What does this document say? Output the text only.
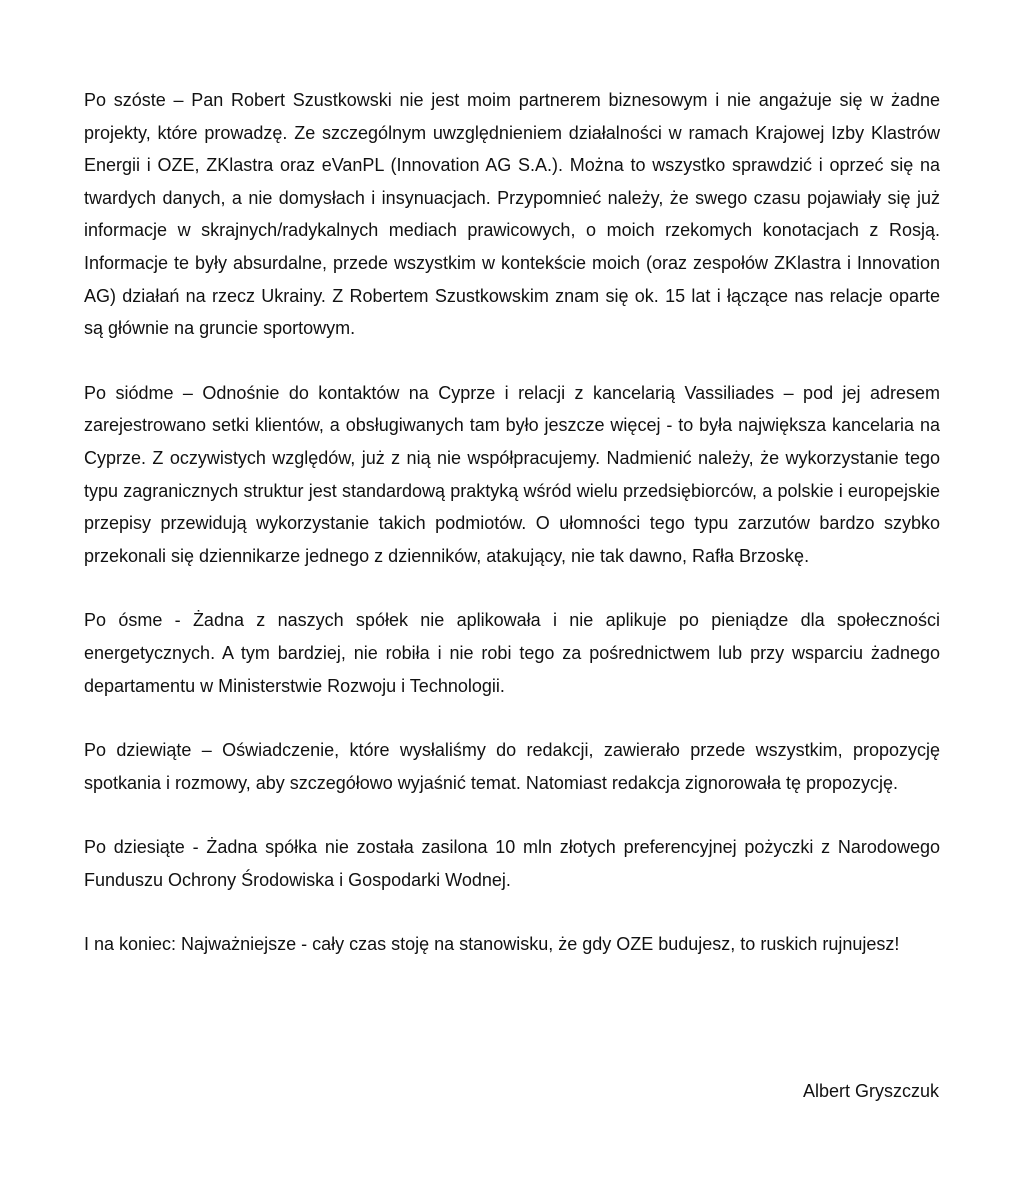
Po szóste – Pan Robert Szustkowski nie jest moim partnerem biznesowym i nie angażuje się w żadne projekty, które prowadzę. Ze szczególnym uwzględnieniem działalności w ramach Krajowej Izby Klastrów Energii i OZE, ZKlastra oraz eVanPL (Innovation AG S.A.). Można to wszystko sprawdzić i oprzeć się na twardych danych, a nie domysłach i insynuacjach. Przypomnieć należy, że swego czasu pojawiały się już informacje w skrajnych/radykalnych mediach prawicowych, o moich rzekomych konotacjach z Rosją. Informacje te były absurdalne, przede wszystkim w kontekście moich (oraz zespołów ZKlastra i Innovation AG) działań na rzecz Ukrainy. Z Robertem Szustkowskim znam się ok. 15 lat i łączące nas relacje oparte są głównie na gruncie sportowym.

Po siódme – Odnośnie do kontaktów na Cyprze i relacji z kancelarią Vassiliades – pod jej adresem zarejestrowano setki klientów, a obsługiwanych tam było jeszcze więcej - to była największa kancelaria na Cyprze. Z oczywistych względów, już z nią nie współpracujemy. Nadmienić należy, że wykorzystanie tego typu zagranicznych struktur jest standardową praktyką wśród wielu przedsiębiorców, a polskie i europejskie przepisy przewidują wykorzystanie takich podmiotów. O ułomności tego typu zarzutów bardzo szybko przekonali się dziennikarze jednego z dzienników, atakujący, nie tak dawno, Rafła Brzoskę.

Po ósme - Żadna z naszych spółek nie aplikowała i nie aplikuje po pieniądze dla społeczności energetycznych. A tym bardziej, nie robiła i nie robi tego za pośrednictwem lub przy wsparciu żadnego departamentu w Ministerstwie Rozwoju i Technologii.

Po dziewiąte – Oświadczenie, które wysłaliśmy do redakcji, zawierało przede wszystkim, propozycję spotkania i rozmowy, aby szczegółowo wyjaśnić temat. Natomiast redakcja zignorowała tę propozycję.

Po dziesiąte - Żadna spółka nie została zasilona 10 mln złotych preferencyjnej pożyczki z Narodowego Funduszu Ochrony Środowiska i Gospodarki Wodnej.

I na koniec: Najważniejsze - cały czas stoję na stanowisku, że gdy OZE budujesz, to ruskich rujnujesz!

Albert Gryszczuk
